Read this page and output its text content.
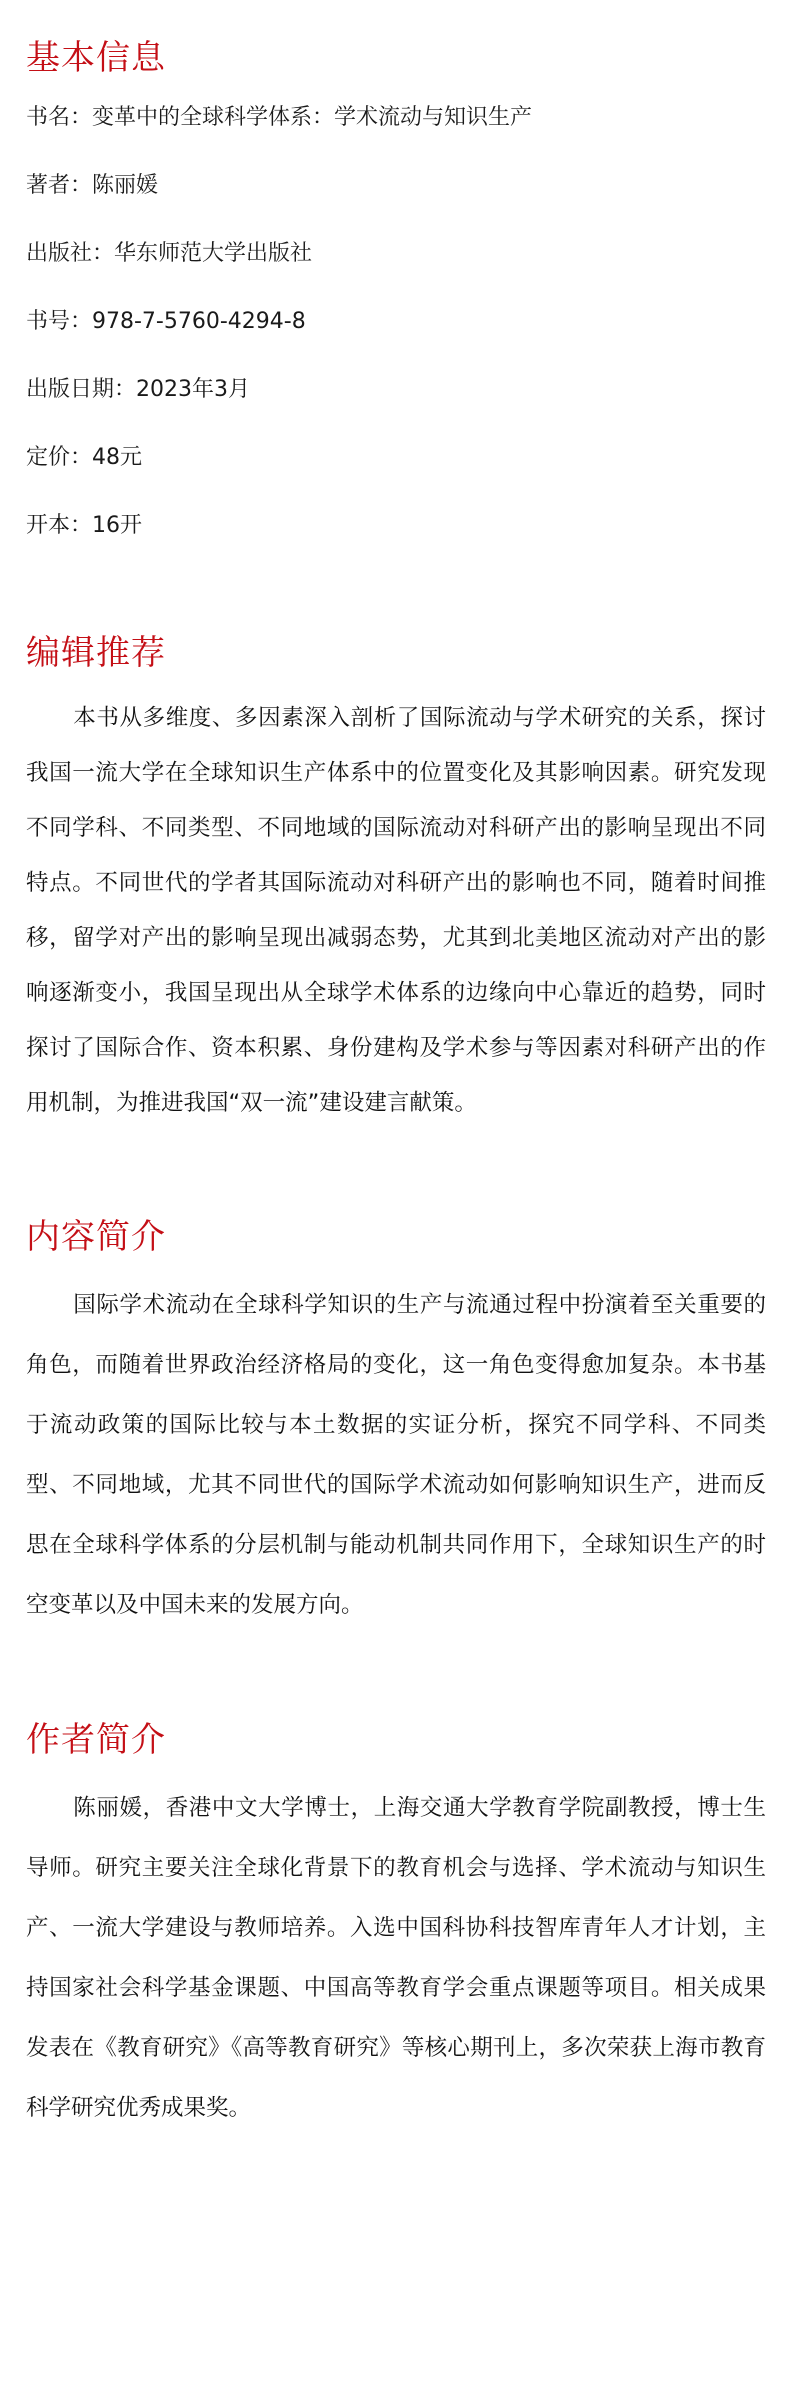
基本信息
书名：变革中的全球科学体系：学术流动与知识生产
著者：陈丽媛
出版社：华东师范大学出版社
书号：978-7-5760-4294-8
出版日期：2023年3月
定价：48元
开本：16开
编辑推荐

本书从多维度、多因素深入剖析了国际流动与学术研究的关系，探讨我国一流大学在全球知识生产体系中的位置变化及其影响因素。研究发现不同学科、不同类型、不同地域的国际流动对科研产出的影响呈现出不同特点。不同世代的学者其国际流动对科研产出的影响也不同，随着时间推移，留学对产出的影响呈现出减弱态势，尤其到北美地区流动对产出的影响逐渐变小，我国呈现出从全球学术体系的边缘向中心靠近的趋势，同时探讨了国际合作、资本积累、身份建构及学术参与等因素对科研产出的作用机制，为推进我国“双一流”建设建言献策。

内容简介

国际学术流动在全球科学知识的生产与流通过程中扮演着至关重要的角色，而随着世界政治经济格局的变化，这一角色变得愈加复杂。本书基于流动政策的国际比较与本土数据的实证分析，探究不同学科、不同类型、不同地域，尤其不同世代的国际学术流动如何影响知识生产，进而反思在全球科学体系的分层机制与能动机制共同作用下，全球知识生产的时空变革以及中国未来的发展方向。

作者简介

陈丽媛，香港中文大学博士，上海交通大学教育学院副教授，博士生导师。研究主要关注全球化背景下的教育机会与选择、学术流动与知识生产、一流大学建设与教师培养。入选中国科协科技智库青年人才计划，主持国家社会科学基金课题、中国高等教育学会重点课题等项目。相关成果发表在《教育研究》《高等教育研究》等核心期刊上，多次荣获上海市教育科学研究优秀成果奖。
